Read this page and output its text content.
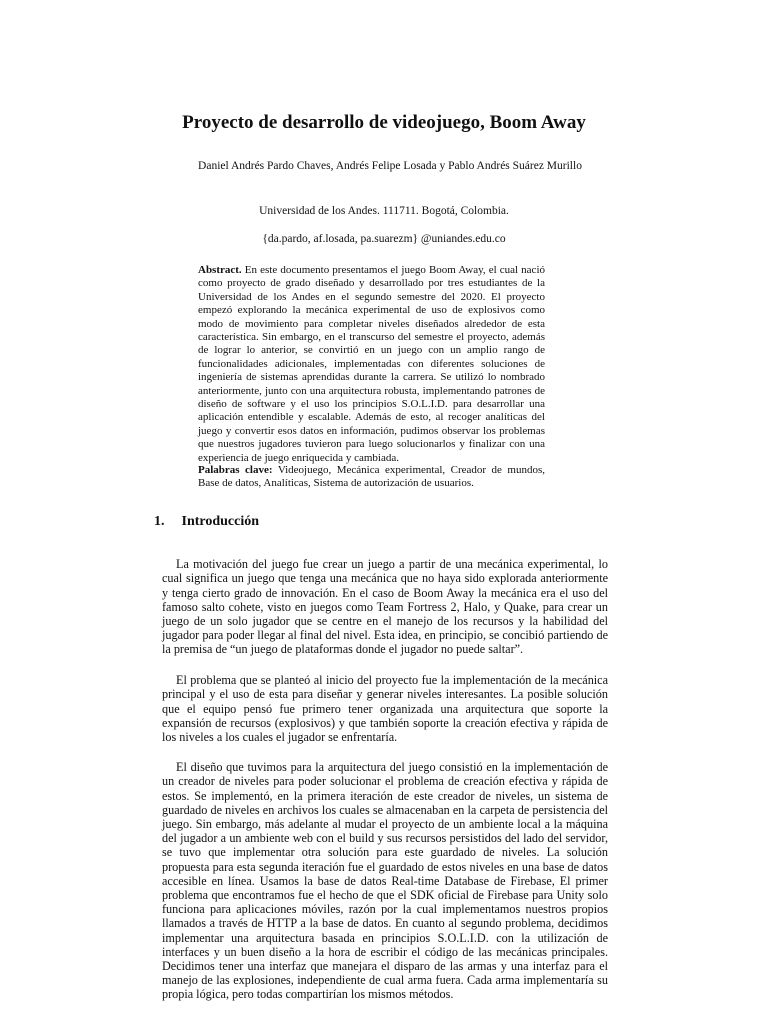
Proyecto de desarrollo de videojuego, Boom Away
Daniel Andrés Pardo Chaves, Andrés Felipe Losada y Pablo Andrés Suárez Murillo
Universidad de los Andes. 111711. Bogotá, Colombia.
{da.pardo, af.losada, pa.suarezm} @uniandes.edu.co
Abstract. En este documento presentamos el juego Boom Away, el cual nació como proyecto de grado diseñado y desarrollado por tres estudiantes de la Universidad de los Andes en el segundo semestre del 2020. El proyecto empezó explorando la mecánica experimental de uso de explosivos como modo de movimiento para completar niveles diseñados alrededor de esta característica. Sin embargo, en el transcurso del semestre el proyecto, además de lograr lo anterior, se convirtió en un juego con un amplio rango de funcionalidades adicionales, implementadas con diferentes soluciones de ingeniería de sistemas aprendidas durante la carrera. Se utilizó lo nombrado anteriormente, junto con una arquitectura robusta, implementando patrones de diseño de software y el uso los principios S.O.L.I.D. para desarrollar una aplicación entendible y escalable. Además de esto, al recoger analíticas del juego y convertir esos datos en información, pudimos observar los problemas que nuestros jugadores tuvieron para luego solucionarlos y finalizar con una experiencia de juego enriquecida y cambiada.
Palabras clave: Videojuego, Mecánica experimental, Creador de mundos, Base de datos, Analíticas, Sistema de autorización de usuarios.
1. Introducción

La motivación del juego fue crear un juego a partir de una mecánica experimental, lo cual significa un juego que tenga una mecánica que no haya sido explorada anteriormente y tenga cierto grado de innovación. En el caso de Boom Away la mecánica era el uso del famoso salto cohete, visto en juegos como Team Fortress 2, Halo, y Quake, para crear un juego de un solo jugador que se centre en el manejo de los recursos y la habilidad del jugador para poder llegar al final del nivel. Esta idea, en principio, se concibió partiendo de la premisa de “un juego de plataformas donde el jugador no puede saltar”.

El problema que se planteó al inicio del proyecto fue la implementación de la mecánica principal y el uso de esta para diseñar y generar niveles interesantes. La posible solución que el equipo pensó fue primero tener organizada una arquitectura que soporte la expansión de recursos (explosivos) y que también soporte la creación efectiva y rápida de los niveles a los cuales el jugador se enfrentaría.

El diseño que tuvimos para la arquitectura del juego consistió en la implementación de un creador de niveles para poder solucionar el problema de creación efectiva y rápida de estos. Se implementó, en la primera iteración de este creador de niveles, un sistema de guardado de niveles en archivos los cuales se almacenaban en la carpeta de persistencia del juego. Sin embargo, más adelante al mudar el proyecto de un ambiente local a la máquina del jugador a un ambiente web con el build y sus recursos persistidos del lado del servidor, se tuvo que implementar otra solución para este guardado de niveles. La solución propuesta para esta segunda iteración fue el guardado de estos niveles en una base de datos accesible en línea. Usamos la base de datos Real-time Database de Firebase, El primer problema que encontramos fue el hecho de que el SDK oficial de Firebase para Unity solo funciona para aplicaciones móviles, razón por la cual implementamos nuestros propios llamados a través de HTTP a la base de datos. En cuanto al segundo problema, decidimos implementar una arquitectura basada en principios S.O.L.I.D. con la utilización de interfaces y un buen diseño a la hora de escribir el código de las mecánicas principales. Decidimos tener una interfaz que manejara el disparo de las armas y una interfaz para el manejo de las explosiones, independiente de cual arma fuera. Cada arma implementaría su propia lógica, pero todas compartirían los mismos métodos.
